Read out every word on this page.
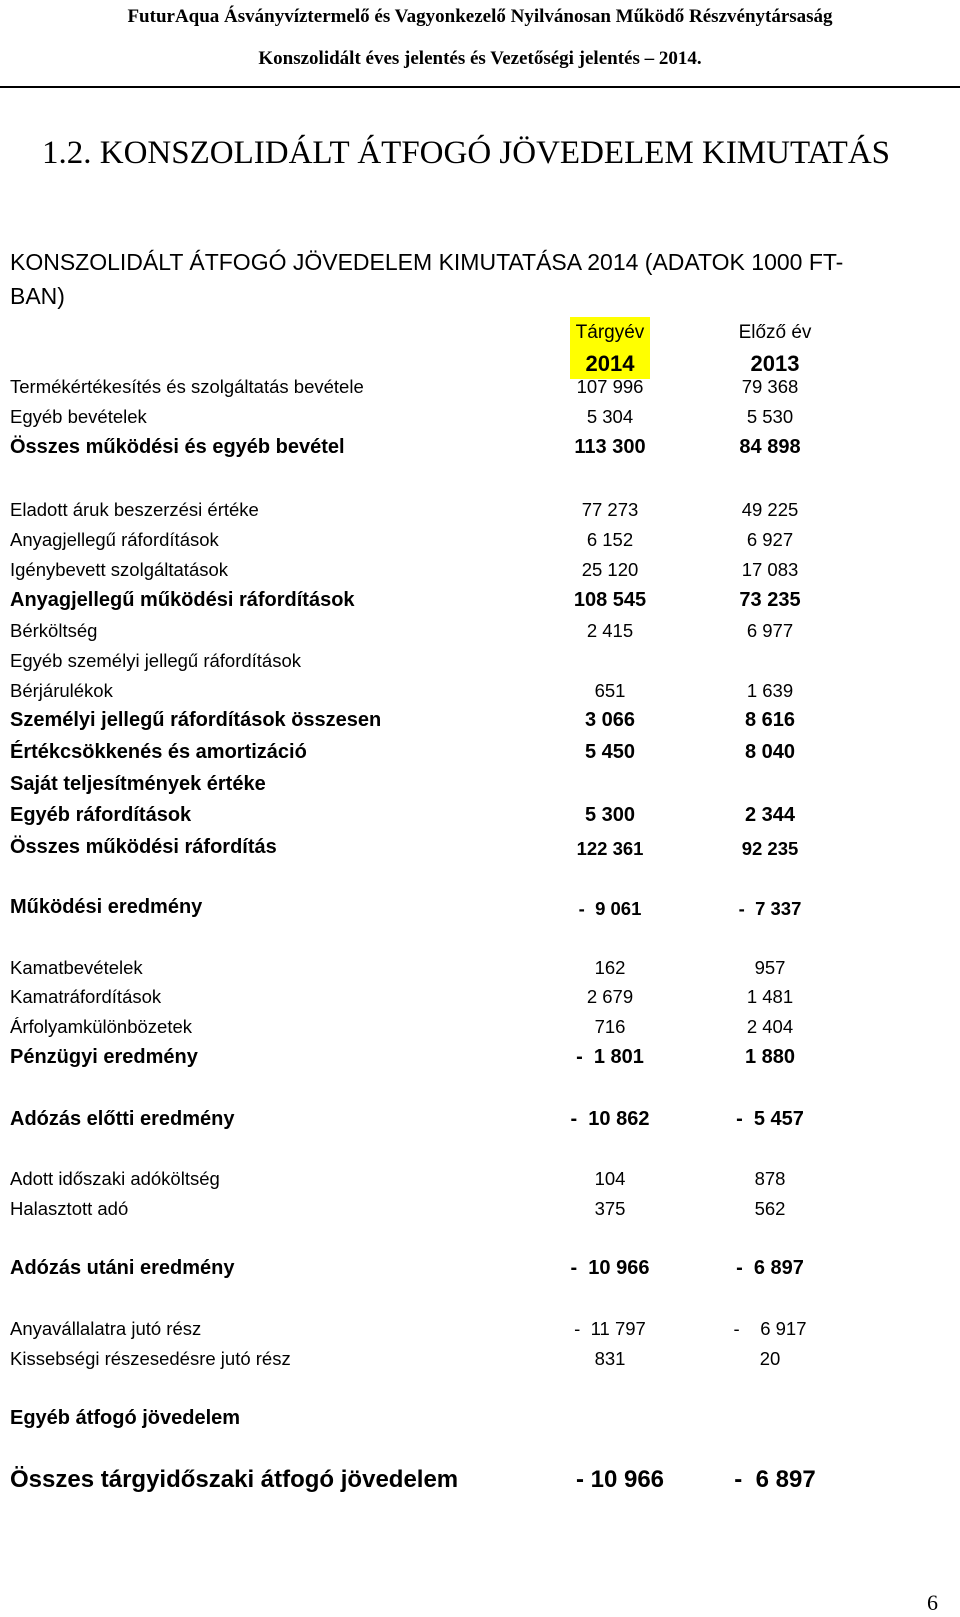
FuturAqua Ásványvíztermelő és Vagyonkezelő Nyilvánosan Működő Részvénytársaság
Konszolidált éves jelentés és Vezetőségi jelentés – 2014.
1.2. KONSZOLIDÁLT ÁTFOGÓ JÖVEDELEM KIMUTATÁS
KONSZOLIDÁLT ÁTFOGÓ JÖVEDELEM KIMUTATÁSA 2014 (ADATOK 1000 FT-BAN)
Tárgyév
2014
Előző év
2013
Termékértékesítés és szolgáltatás bevétele	107 996	79 368
Egyéb bevételek	5 304	5 530
Összes működési és egyéb bevétel	113 300	84 898
Eladott áruk beszerzési értéke	77 273	49 225
Anyagjellegű ráfordítások	6 152	6 927
Igénybevett szolgáltatások	25 120	17 083
Anyagjellegű működési ráfordítások	108 545	73 235
Bérköltség	2 415	6 977
Egyéb személyi jellegű ráfordítások
Bérjárulékok	651	1 639
Személyi jellegű ráfordítások összesen	3 066	8 616
Értékcsökkenés és amortizáció	5 450	8 040
Saját teljesítmények értéke
Egyéb ráfordítások	5 300	2 344
Összes működési ráfordítás	122 361	92 235
Működési eredmény	-  9 061	-  7 337
Kamatbevételek	162	957
Kamatráfordítások	2 679	1 481
Árfolyamkülönbözetek	716	2 404
Pénzügyi eredmény	-  1 801	1 880
Adózás előtti eredmény	-  10 862	-  5 457
Adott időszaki adóköltség	104	878
Halasztott adó	375	562
Adózás utáni eredmény	-  10 966	-  6 897
Anyavállalatra jutó rész	-  11 797	-    6 917
Kissebségi részesedésre jutó rész	831	20
Egyéb átfogó jövedelem
Összes tárgyidőszaki átfogó jövedelem	- 10 966	-  6 897
6
